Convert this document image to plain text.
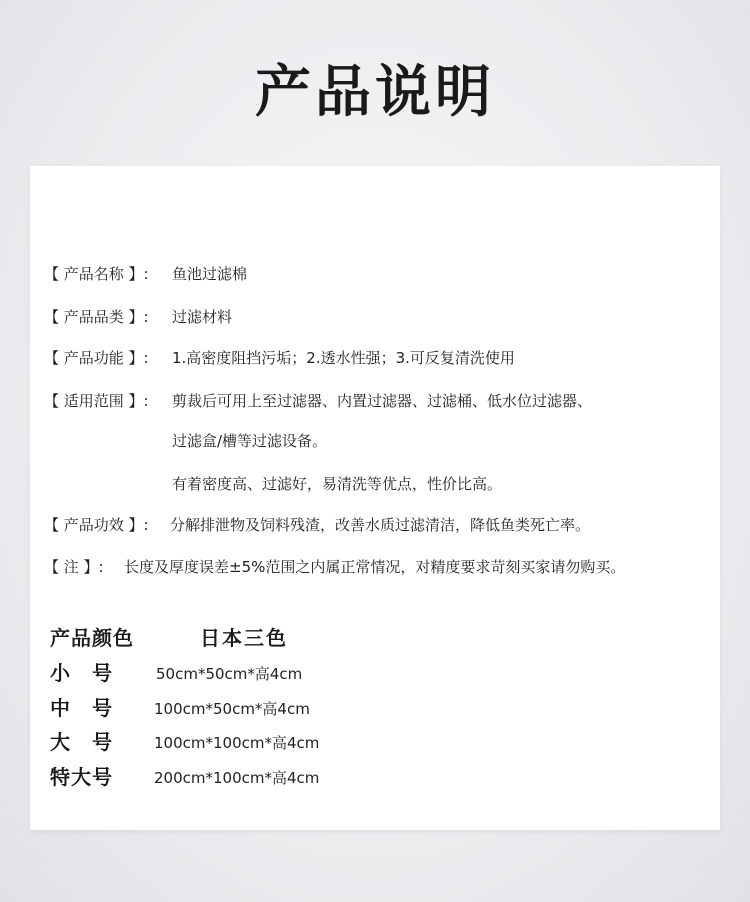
产品说明
【 产品名称 】: 鱼池过滤棉
【 产品品类 】: 过滤材料
【 产品功能 】: 1.高密度阻挡污垢；2.透水性强；3.可反复清洗使用
【 适用范围 】: 剪裁后可用上至过滤器、内置过滤器、过滤桶、低水位过滤器、
过滤盒/槽等过滤设备。
有着密度高、过滤好，易清洗等优点，性价比高。
【 产品功效 】: 分解排泄物及饲料残渣，改善水质过滤清洁，降低鱼类死亡率。
【 注 】: 长度及厚度误差±5%范围之内属正常情况，对精度要求苛刻买家请勿购买。
产品颜色	日本三色
小　号	50cm*50cm*高4cm
中　号	100cm*50cm*高4cm
大　号	100cm*100cm*高4cm
特大号	200cm*100cm*高4cm
